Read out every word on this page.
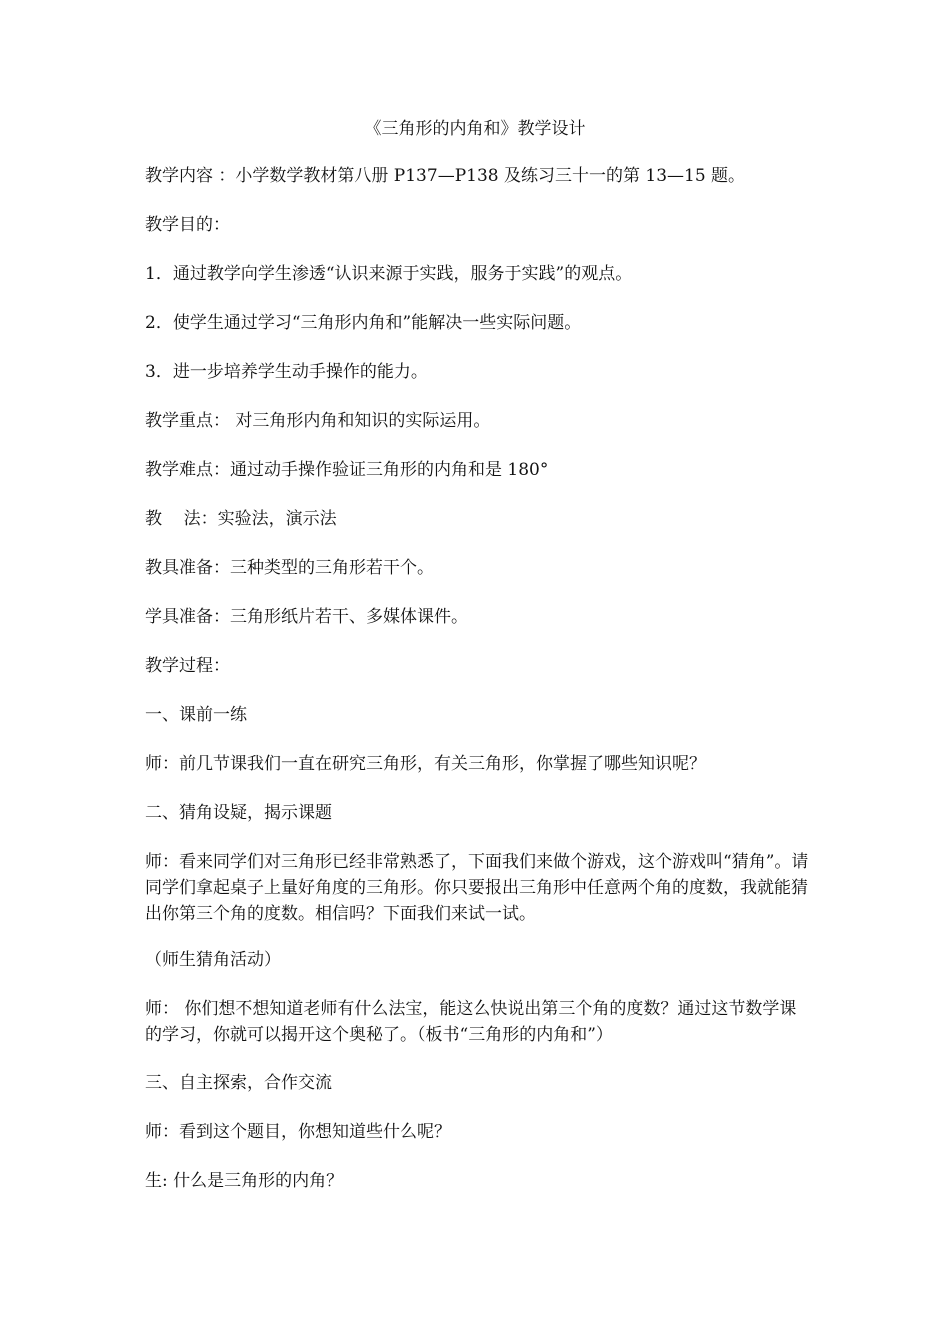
《三角形的内角和》教学设计

教学内容 ：小学数学教材第八册 P137—P138 及练习三十一的第 13—15 题。

教学目的：

1．通过教学向学生渗透“认识来源于实践，服务于实践”的观点。

2．使学生通过学习“三角形内角和”能解决一些实际问题。

3．进一步培养学生动手操作的能力。

教学重点： 对三角形内角和知识的实际运用。

教学难点：通过动手操作验证三角形的内角和是 180°

教    法：实验法，演示法

教具准备：三种类型的三角形若干个。

学具准备：三角形纸片若干、多媒体课件。

教学过程：

一、课前一练

师：前几节课我们一直在研究三角形，有关三角形，你掌握了哪些知识呢？

二、猜角设疑，揭示课题

师：看来同学们对三角形已经非常熟悉了，下面我们来做个游戏，这个游戏叫“猜角”。请同学们拿起桌子上量好角度的三角形。你只要报出三角形中任意两个角的度数，我就能猜出你第三个角的度数。相信吗？下面我们来试一试。

（师生猜角活动）

师： 你们想不想知道老师有什么法宝，能这么快说出第三个角的度数？通过这节数学课的学习，你就可以揭开这个奥秘了。（板书“三角形的内角和”）

三、自主探索，合作交流

师：看到这个题目，你想知道些什么呢？

生: 什么是三角形的内角？
